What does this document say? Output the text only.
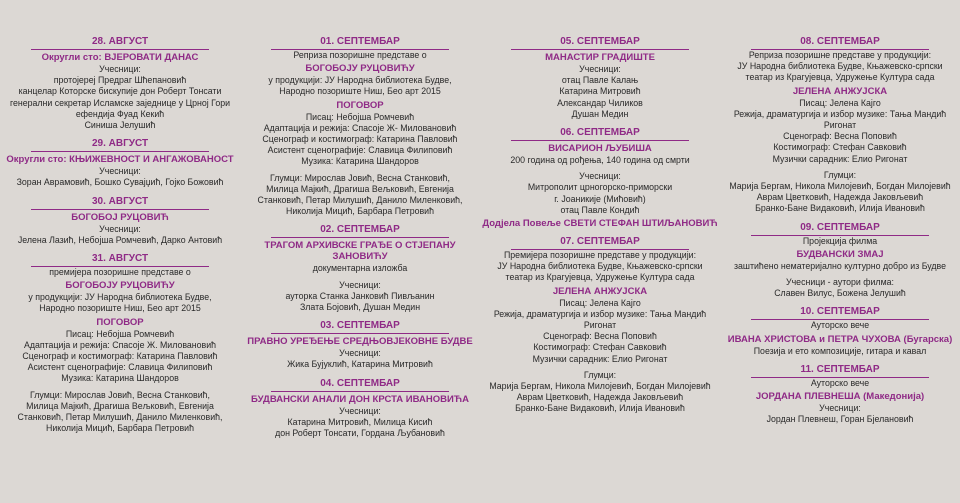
28. АВГУСТ
Округли сто: ВЈЕРОВАТИ ДАНАС
Учесници:
протојереј Предраг Шћепановић
канцелар Которске бискупије дон Роберт Тонсати
генерални секретар Исламске заједнице у Црној Гори
ефендија Фуад Кекић
Синиша Јелушић
29. АВГУСТ
Округли сто: КЊИЖЕВНОСТ И АНГАЖОВАНОСТ
Учесници:
Зоран Аврамовић, Бошко Сувајџић, Гојко Божовић
30. АВГУСТ
БОГОБОЈ РУЦОВИЋ
Учесници:
Јелена Лазић, Небојша Ромчевић, Дарко Антовић
31. АВГУСТ
премијера позоришне представе о
БОГОБОЈУ РУЦОВИЋУ
у продукцији: ЈУ Народна библиотека Будве,
Народно позориште Ниш, Беo арт 2015
ПОГОВОР
Писац: Небојша Ромчевић
Адаптација и режија: Спасоје Ж. Миловановић
Сценограф и костимограф: Катарина Павловић
Асистент сценографије: Славица Филиповић
Музика: Катарина Шандоров
Глумци: Мирослав Јовић, Весна Станковић,
Милица Мајкић, Драгиша Вељковић, Евгенија
Станковић, Петар Милушић, Данило Миленковић,
Николија Мицић, Барбара Петровић
01. СЕПТЕМБАР
Репризa позоришне представе о
БОГОБОЈУ РУЦОВИЋУ
у продукцији: ЈУ Народна библиотека Будве,
Народно позориште Ниш, Беo арт 2015
ПОГОВОР
Писац: Небојша Ромчевић
Адаптација и режија: Спасоје Ж- Миловановић
Сценограф и костимограф: Катарина Павловић
Асистент сценографије: Славица Филиповић
Музика: Катарина Шандоров
Глумци: Мирослав Јовић, Весна Станковић,
Милица Мајкић, Драгиша Вељковић, Евгенија
Станковић, Петар Милушић, Данило Миленковић,
Николија Мицић, Барбара Петровић
02. СЕПТЕМБАР
ТРАГОМ АРХИВСКЕ ГРАЂЕ О СТЈЕПАНУ ЗАНОВИЋУ
документарна изложба
Учесници:
ауторка Станка Јанковић Пивљанин
Злата Бојовић, Душан Медин
03. СЕПТЕМБАР
ПРАВНО УРЕЂЕЊЕ СРЕДЊОВЈЕКОВНЕ БУДВЕ
Учесници:
Жика Бујуклић, Катарина Митровић
04. СЕПТЕМБАР
БУДВАНСКИ АНАЛИ ДОН КРСТА ИВАНОВИЋА
Учесници:
Катарина Митровић, Милица Кисић
дон Роберт Тонсати, Гордана Љубановић
05. СЕПТЕМБАР
МАНАСТИР ГРАДИШТЕ
Учесници:
отац Павле Калањ
Катарина Митровић
Александар Чиликов
Душан Медин
06. СЕПТЕМБАР
ВИСАРИОН ЉУБИША
200 година од рођења, 140 година од смрти
Учесници:
Митрополит црногорско-приморски
г. Јоаникије (Мићовић)
отац Павле Кондић
Додјела Повеље СВЕТИ СТЕФАН ШТИЉАНОВИЋ
07. СЕПТЕМБАР
Премијера позоришне представе у продукцији:
ЈУ Народна библиотека Будве, Књажевско-српски
театар из Крагујевца, Удружење Култура сада
ЈЕЛЕНА АНЖУЈСКА
Писац: Јелена Кајго
Режија, драматургија и избор музике: Тања Мандић
Ригонат
Сценограф: Весна Поповић
Костимограф: Стефан Савковић
Музички сарадник: Елио Ригонат
Глумци:
Марија Бергам, Никола Милојевић, Богдан Милојевић
Аврам Цветковић, Надежда Јаковљевић
Бранко-Бане Видаковић, Илија Ивановић
08. СЕПТЕМБАР
Репризa позоришне представе у продукцији:
ЈУ Народна библиотека Будве, Књажевско-српски
театар из Крагујевца, Удружење Култура сада
ЈЕЛЕНА АНЖУЈСКА
Писац: Јелена Кајго
Режија, драматургија и избор музике: Тања Мандић
Ригонат
Сценограф: Весна Поповић
Костимограф: Стефан Савковић
Музички сарадник: Елио Ригонат
Глумци:
Марија Бергам, Никола Милојевић, Богдан Милојевић
Аврам Цветковић, Надежда Јаковљевић
Бранко-Бане Видаковић, Илија Ивановић
09. СЕПТЕМБАР
Пројекција филма
БУДВАНСКИ ЗМАЈ
заштићено нематеријално културно добро из Будве
Учесници - аутори филма:
Славен Вилус, Божена Јелушић
10. СЕПТЕМБАР
Ауторско вече
ИВАНА ХРИСТОВА и ПЕТРА ЧУХОВА (Бугарска)
Поезија и ето композиције, гитара и кавал
11. СЕПТЕМБАР
Ауторско вече
ЈОРДАНА ПЛЕВНЕША (Македонија)
Учесници:
Јордан Плевнеш, Горан Бјелановић
